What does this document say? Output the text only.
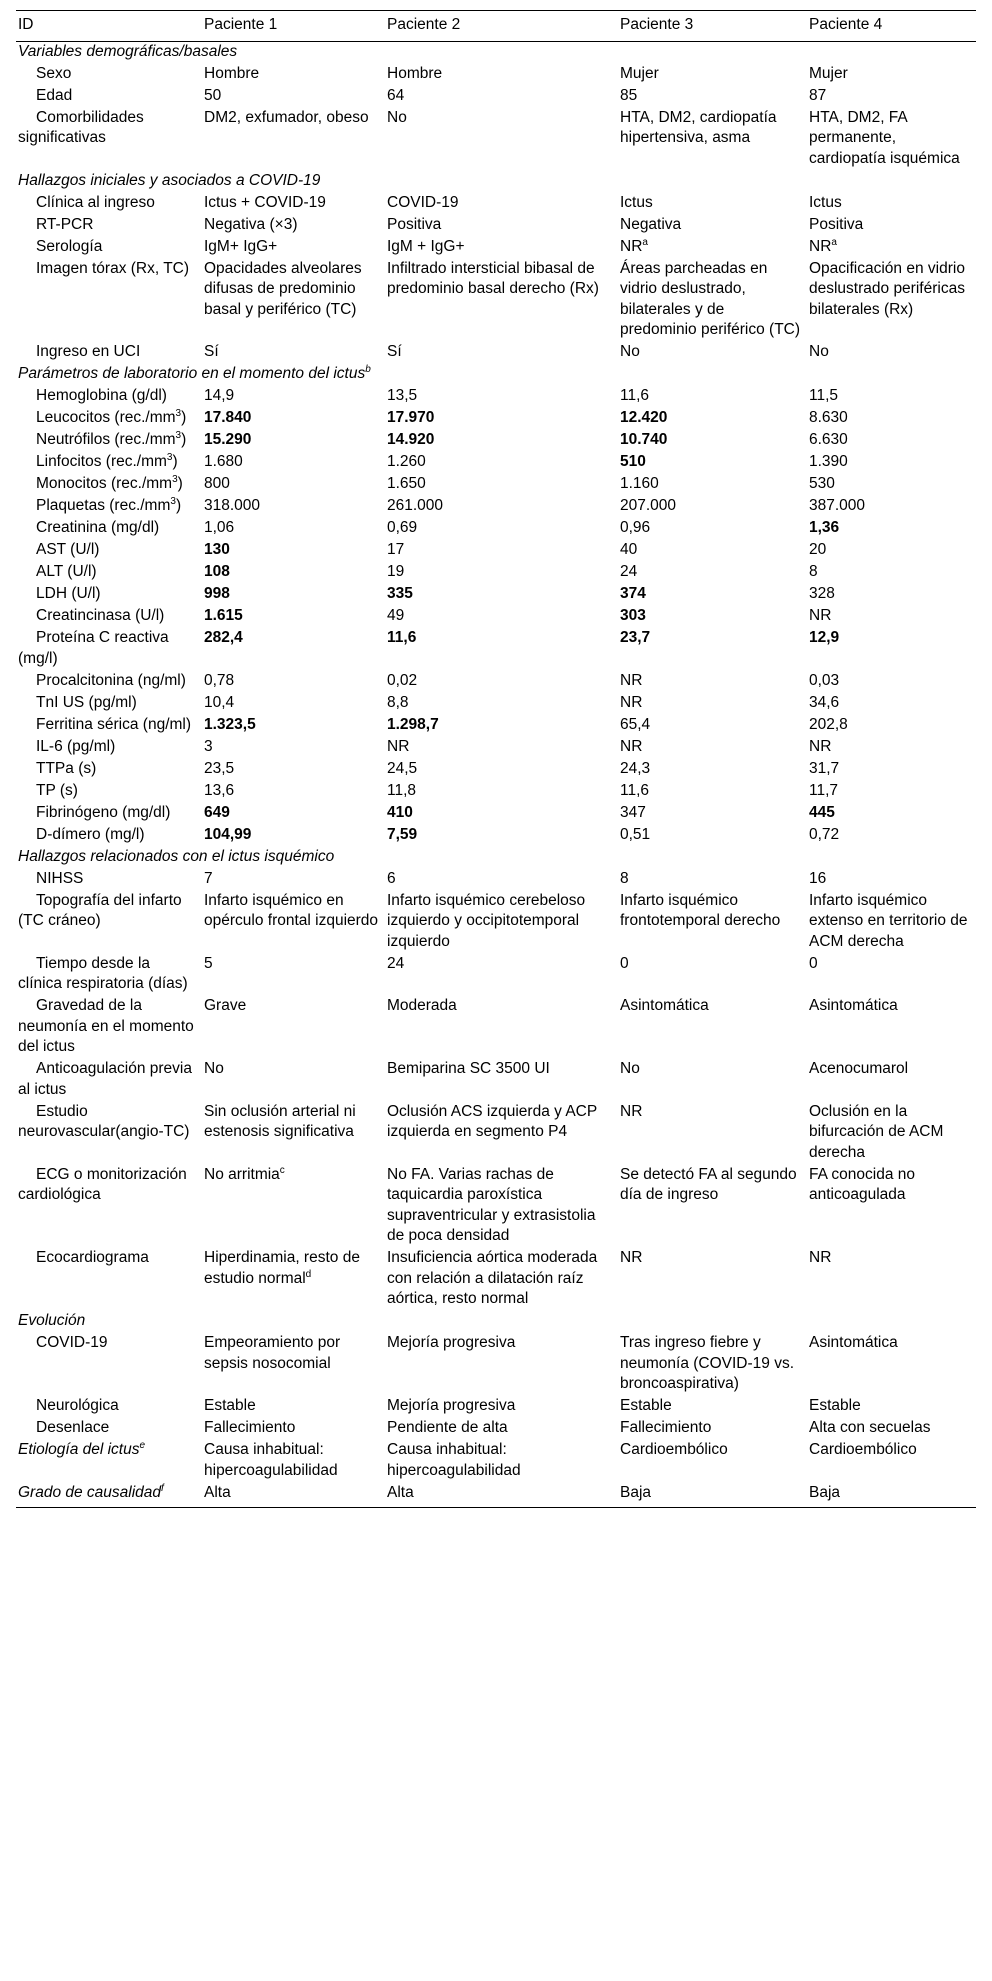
ID	Paciente 1	Paciente 2	Paciente 3	Paciente 4
Variables demográficas/basales				
Sexo	Hombre	Hombre	Mujer	Mujer
Edad	50	64	85	87
Comorbilidades significativas	DM2, exfumador, obeso	No	HTA, DM2, cardiopatía hipertensiva, asma	HTA, DM2, FA permanente, cardiopatía isquémica
Hallazgos iniciales y asociados a COVID-19				
Clínica al ingreso	Ictus + COVID-19	COVID-19	Ictus	Ictus
RT-PCR	Negativa (×3)	Positiva	Negativa	Positiva
Serología	IgM+ IgG+	IgM + IgG+	$NR^a$	$NR^a$
Imagen tórax (Rx, TC)	Opacidades alveolares difusas de predominio basal y periférico (TC)	Infiltrado intersticial bibasal de predominio basal derecho (Rx)	Áreas parcheadas en vidrio deslustrado, bilaterales y de predominio periférico (TC)	Opacificación en vidrio deslustrado periféricas bilaterales (Rx)
Ingreso en UCI	Sí	Sí	No	No
Parámetros de laboratorio en el momento del ictus$^b$
Hemoglobina (g/dl)	14,9	13,5	11,6	11,5
Leucocitos $(rec./mm^3)$	17.840	17.970	12.420	8.630
Neutrófilos $(rec./mm^3)$	15.290	14.920	10.740	6.630
Linfocitos $(rec./mm^3)$	1.680	1.260	510	1.390
Monocitos $(rec./mm^3)$	800	1.650	1.160	530
Plaquetas $(rec./mm^3)$	318.000	261.000	207.000	387.000
Creatinina (mg/dl)	1,06	0,69	0,96	1,36
AST (U/l)	130	17	40	20
ALT (U/l)	108	19	24	8
LDH (U/l)	998	335	374	328
Creatincinasa (U/l)	1.615	49	303	NR
Proteína C reactiva (mg/l)	282,4	11,6	23,7	12,9
Procalcitonina (ng/ml)	0,78	0,02	NR	0,03
TnI US (pg/ml)	10,4	8,8	NR	34,6
Ferritina sérica (ng/ml)	1.323,5	1.298,7	65,4	202,8
IL-6 (pg/ml)	3	NR	NR	NR
TTPa (s)	23,5	24,5	24,3	31,7
TP (s)	13,6	11,8	11,6	11,7
Fibrinógeno (mg/dl)	649	410	347	445
D-dímero (mg/l)	104,99	7,59	0,51	0,72
Hallazgos relacionados con el ictus isquémico				
NIHSS	7	6	8	16
Topografía del infarto (TC cráneo)	Infarto isquémico en opérculo frontal izquierdo	Infarto isquémico cerebeloso izquierdo y occipitotemporal izquierdo	Infarto isquémico frontotemporal derecho	Infarto isquémico extenso en territorio de ACM derecha
Tiempo desde la clínica respiratoria (días)	5	24	0	0
Gravedad de la neumonía en el momento del ictus	Grave	Moderada	Asintomática	Asintomática
Anticoagulación previa al ictus	No	Bemiparina SC 3500 UI	No	Acenocumarol
Estudio neurovascular(angio-TC)	Sin oclusión arterial ni estenosis significativa	Oclusión ACS izquierda y ACP izquierda en segmento P4	NR	Oclusión en la bifurcación de ACM derecha
ECG o monitorización cardiológica	No arritmia$^c$	No FA. Varias rachas de taquicardia paroxística supraventricular y extrasistolia de poca densidad	Se detectó FA al segundo día de ingreso	FA conocida no anticoagulada
Ecocardiograma	Hiperdinamia, resto de estudio normal$^d$	Insuficiencia aórtica moderada con relación a dilatación raíz aórtica, resto normal	NR	NR
Evolución				
COVID-19	Empeoramiento por sepsis nosocomial	Mejoría progresiva	Tras ingreso fiebre y neumonía (COVID-19 vs. broncoaspirativa)	Asintomática
Neurológica	Estable	Mejoría progresiva	Estable	Estable
Desenlace	Fallecimiento	Pendiente de alta	Fallecimiento	Alta con secuelas
Etiología del ictus$^e$	Causa inhabitual: hipercoagulabilidad	Causa inhabitual: hipercoagulabilidad	Cardioembólico	Cardioembólico
Grado de causalidad$^f$	Alta	Alta	Baja	Baja
